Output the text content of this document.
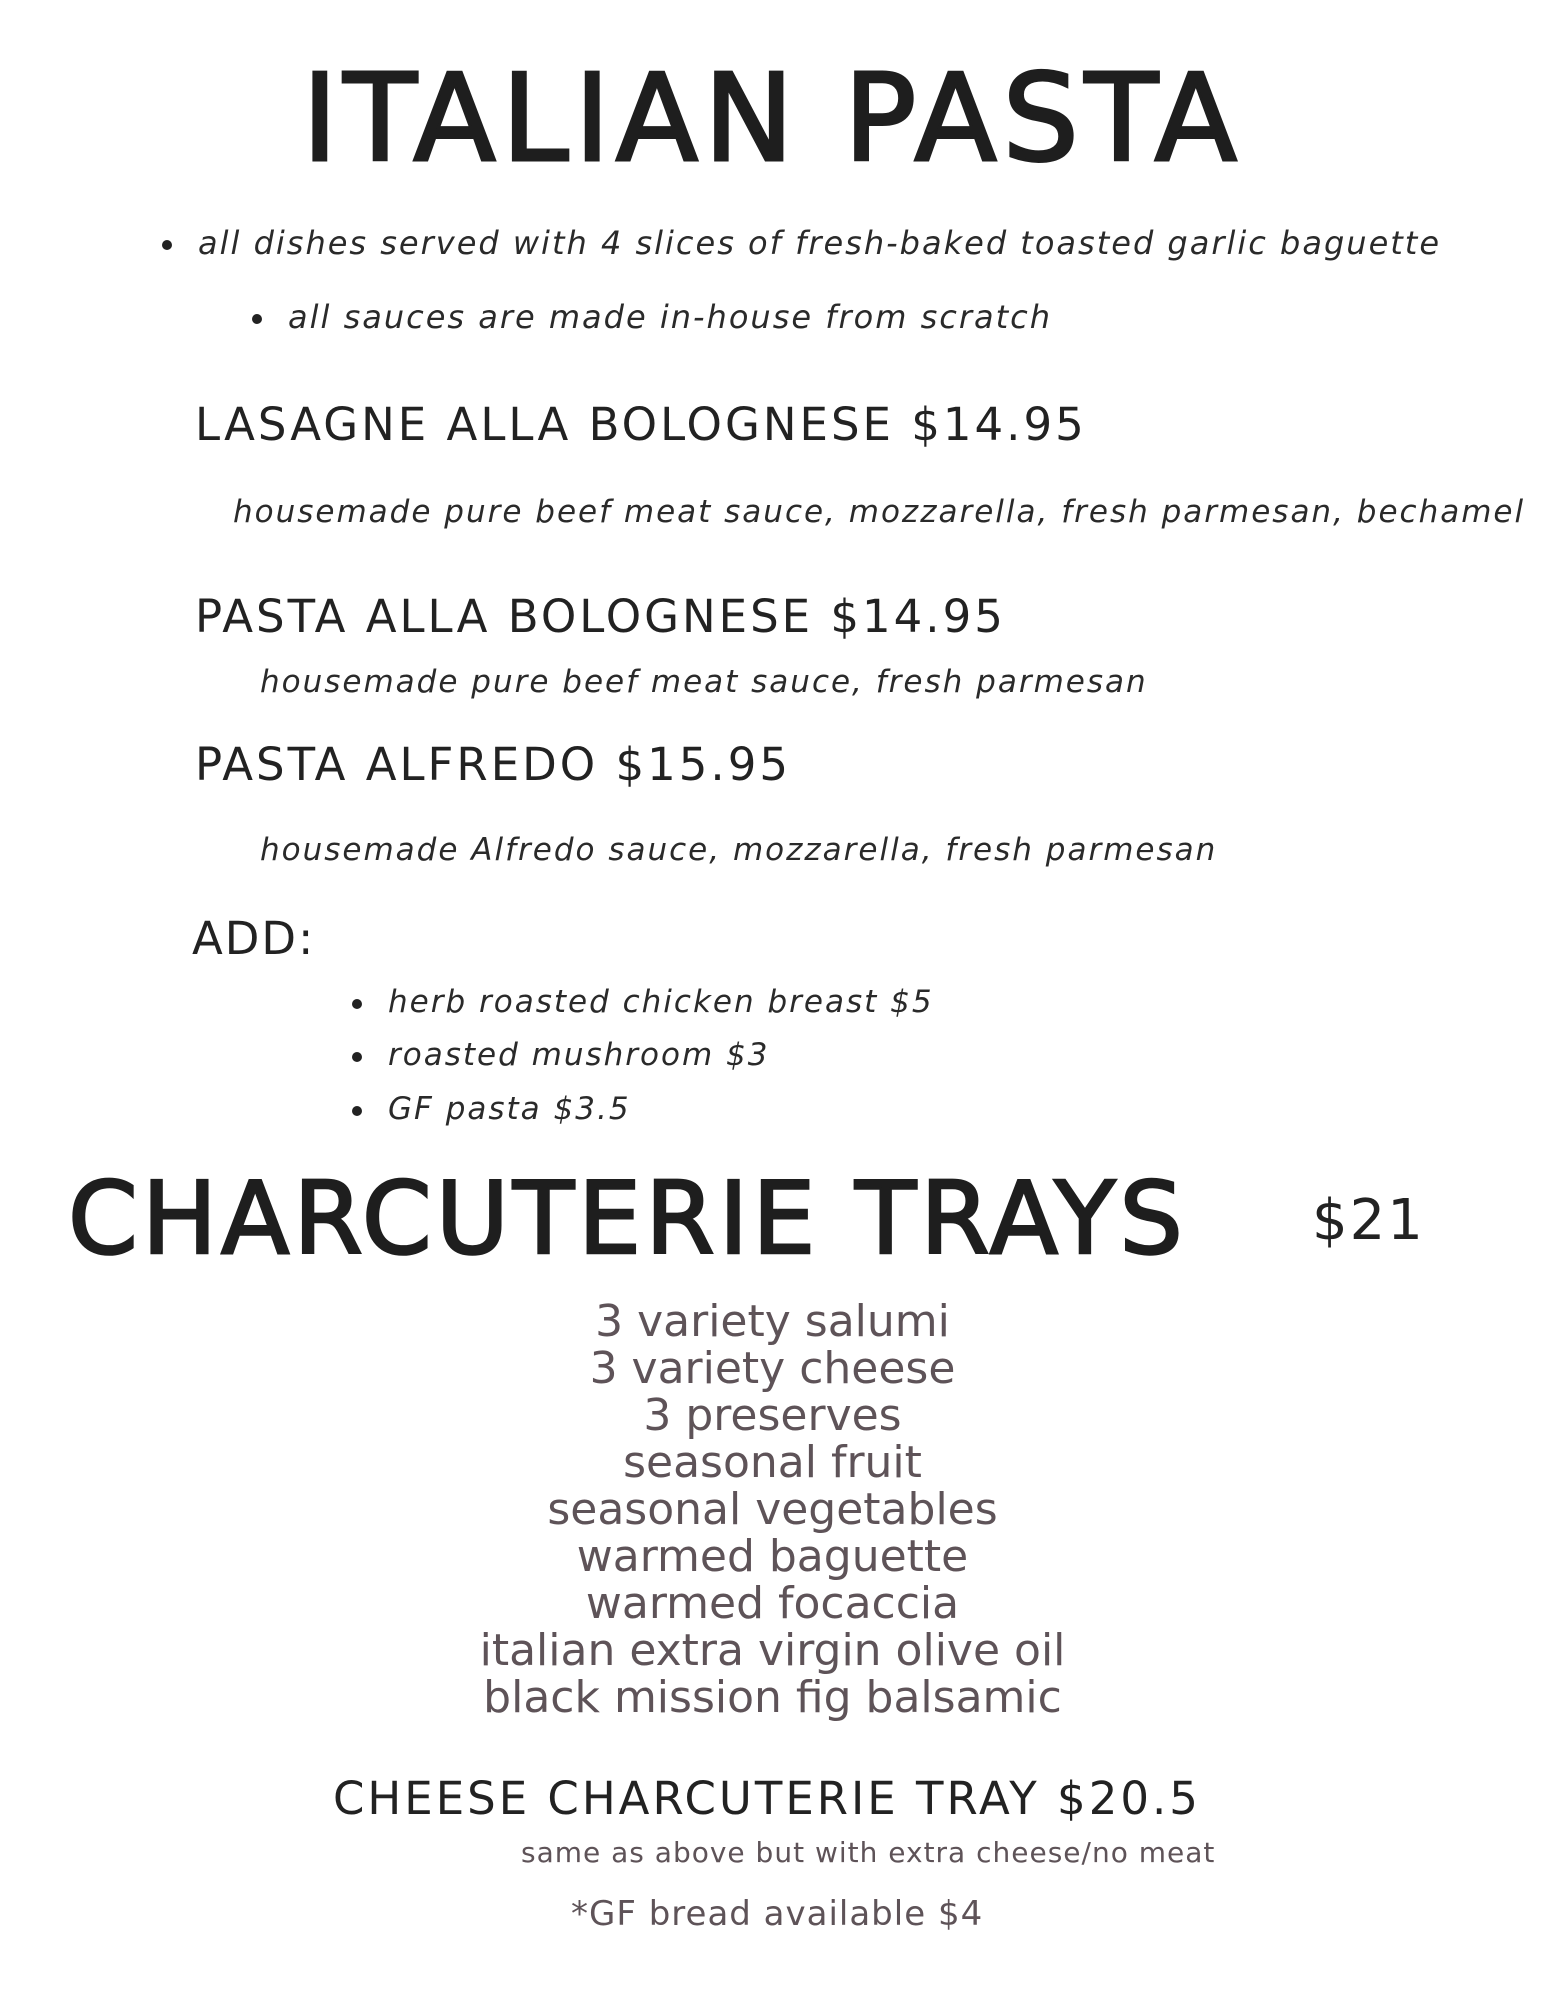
ITALIAN PASTA
all dishes served with 4 slices of fresh-baked toasted garlic baguette
all sauces are made in-house from scratch
LASAGNE ALLA BOLOGNESE $14.95
housemade pure beef meat sauce, mozzarella, fresh parmesan, bechamel
PASTA ALLA BOLOGNESE $14.95
housemade pure beef meat sauce, fresh parmesan
PASTA ALFREDO $15.95
housemade Alfredo sauce, mozzarella, fresh parmesan
ADD:
herb roasted chicken breast $5
roasted mushroom $3
GF pasta $3.5
CHARCUTERIE TRAYS $21
3 variety salumi
3 variety cheese
3 preserves
seasonal fruit
seasonal vegetables
warmed baguette
warmed focaccia
italian extra virgin olive oil
black mission fig balsamic
CHEESE CHARCUTERIE TRAY $20.5
same as above but with extra cheese/no meat
*GF bread available $4
